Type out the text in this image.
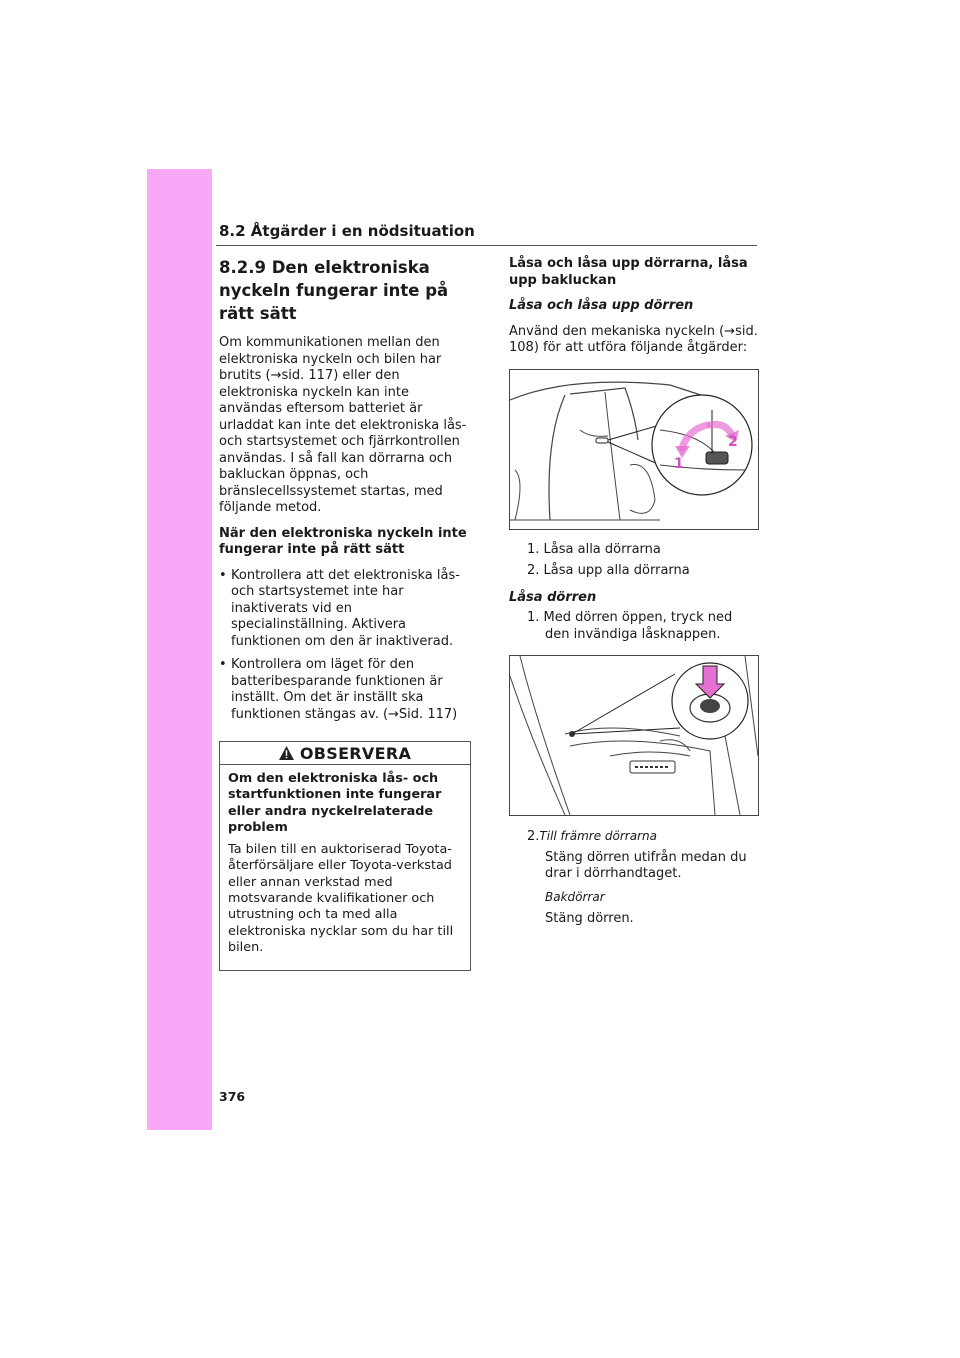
8.2 Åtgärder i en nödsituation
8.2.9 Den elektroniska nyckeln fungerar inte på rätt sätt

Om kommunikationen mellan den elektroniska nyckeln och bilen har brutits (→sid. 117) eller den elektroniska nyckeln kan inte användas eftersom batteriet är urladdat kan inte det elektroniska lås- och startsystemet och fjärrkontrollen användas. I så fall kan dörrarna och bakluckan öppnas, och bränslecellssystemet startas, med följande metod.

När den elektroniska nyckeln inte fungerar inte på rätt sätt

• Kontrollera att det elektroniska lås- och startsystemet inte har inaktiverats vid en specialinställning. Aktivera funktionen om den är inaktiverad.
• Kontrollera om läget för den batteribesparande funktionen är inställt. Om det är inställt ska funktionen stängas av. (→Sid. 117)
OBSERVERA

Om den elektroniska lås- och startfunktionen inte fungerar eller andra nyckelrelaterade problem

Ta bilen till en auktoriserad Toyota-återförsäljare eller Toyota-verkstad eller annan verkstad med motsvarande kvalifikationer och utrustning och ta med alla elektroniska nycklar som du har till bilen.

Låsa och låsa upp dörrarna, låsa upp bakluckan

Låsa och låsa upp dörren

Använd den mekaniska nyckeln (→sid. 108) för att utföra följande åtgärder:

1
2
1. Låsa alla dörrarna
2. Låsa upp alla dörrarna

Låsa dörren

1. Med dörren öppen, tryck ned den invändiga låsknappen.
2.Till främre dörrarna

Stäng dörren utifrån medan du drar i dörrhandtaget.

Bakdörrar

Stäng dörren.

376
